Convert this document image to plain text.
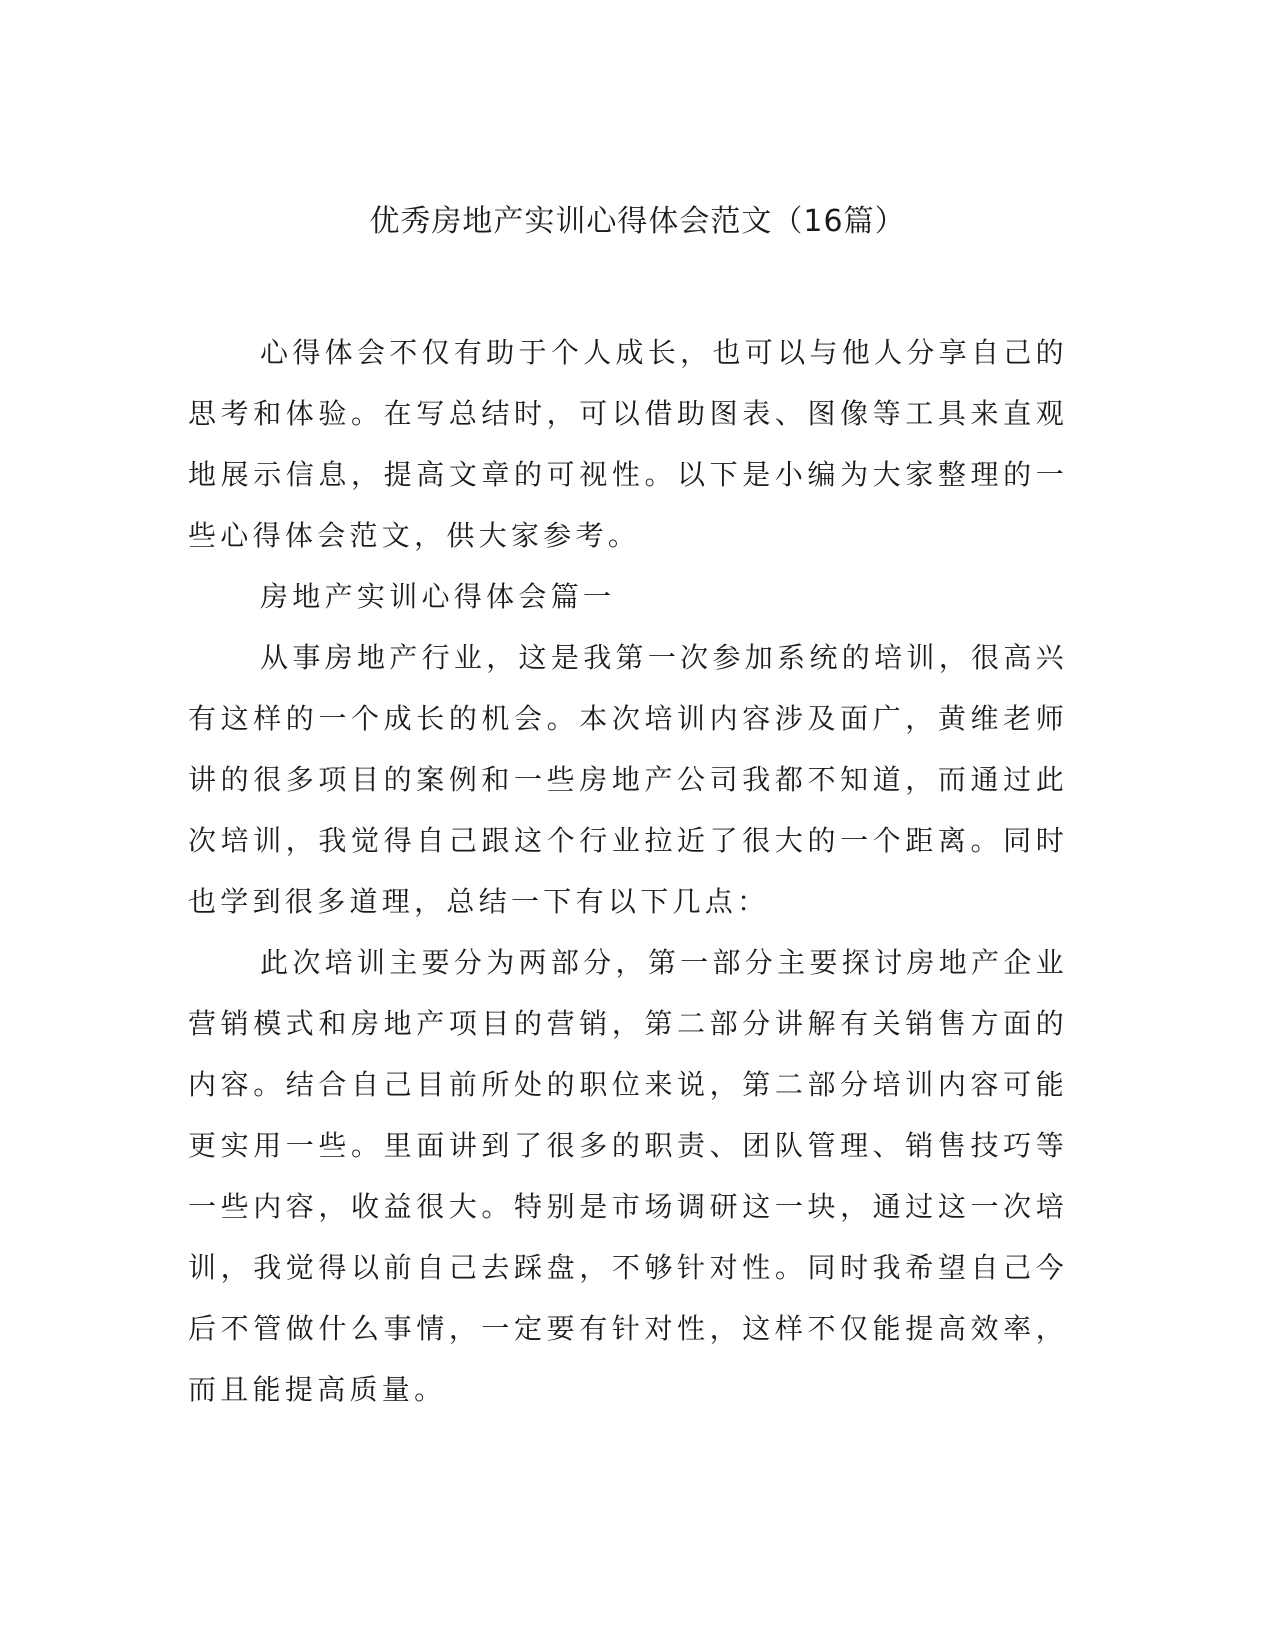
优秀房地产实训心得体会范文（16篇）

心得体会不仅有助于个人成长，也可以与他人分享自己的思考和体验。在写总结时，可以借助图表、图像等工具来直观地展示信息，提高文章的可视性。以下是小编为大家整理的一些心得体会范文，供大家参考。

房地产实训心得体会篇一

从事房地产行业，这是我第一次参加系统的培训，很高兴有这样的一个成长的机会。本次培训内容涉及面广，黄维老师讲的很多项目的案例和一些房地产公司我都不知道，而通过此次培训，我觉得自己跟这个行业拉近了很大的一个距离。同时也学到很多道理，总结一下有以下几点：

此次培训主要分为两部分，第一部分主要探讨房地产企业营销模式和房地产项目的营销，第二部分讲解有关销售方面的内容。结合自己目前所处的职位来说，第二部分培训内容可能更实用一些。里面讲到了很多的职责、团队管理、销售技巧等一些内容，收益很大。特别是市场调研这一块，通过这一次培训，我觉得以前自己去踩盘，不够针对性。同时我希望自己今后不管做什么事情，一定要有针对性，这样不仅能提高效率，而且能提高质量。
